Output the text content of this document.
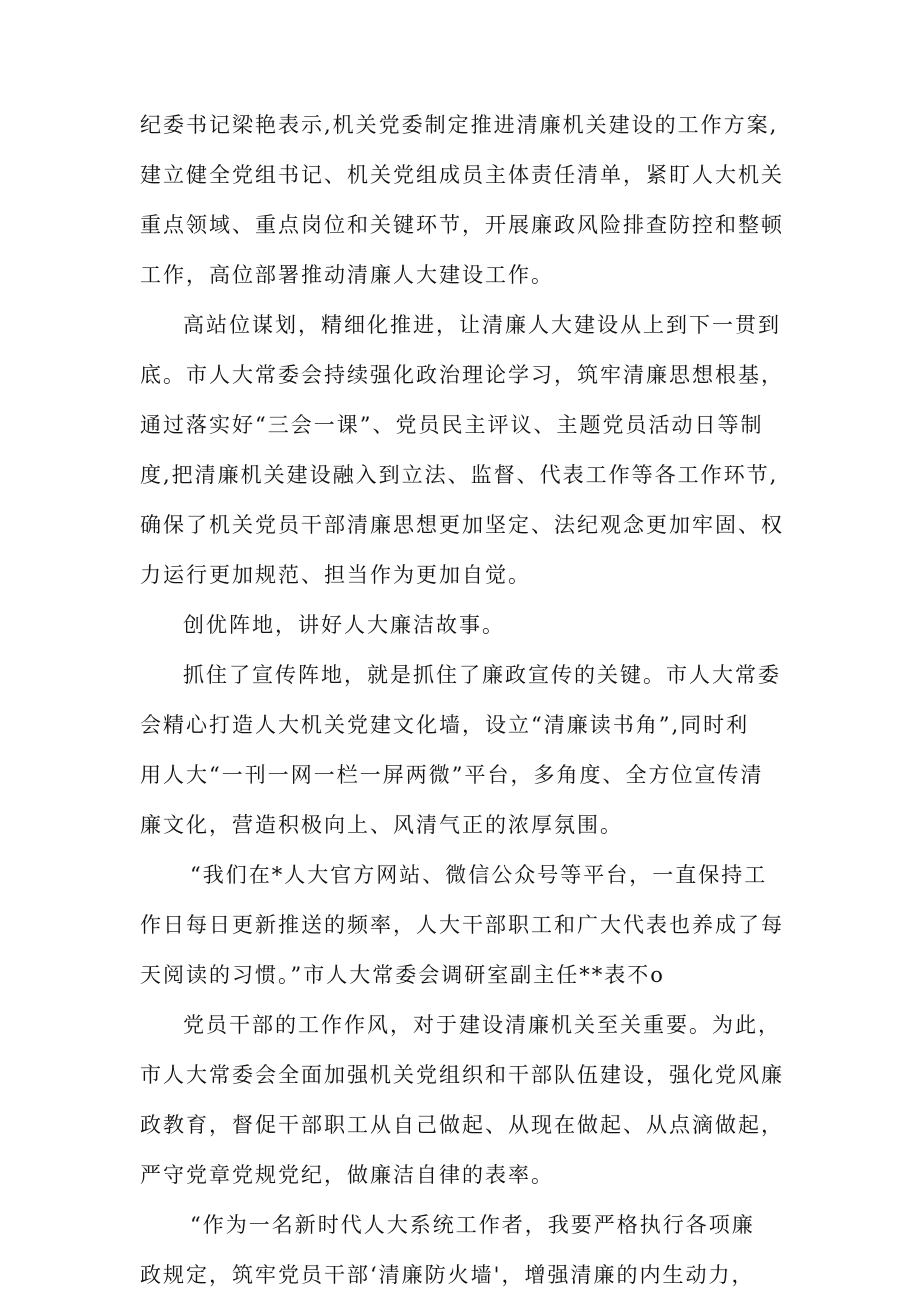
纪委书记梁艳表示,机关党委制定推进清廉机关建设的工作方案,
建立健全党组书记、机关党组成员主体责任清单，紧盯人大机关
重点领域、重点岗位和关键环节，开展廉政风险排查防控和整顿
工作，高位部署推动清廉人大建设工作。
高站位谋划，精细化推进，让清廉人大建设从上到下一贯到
底。市人大常委会持续强化政治理论学习，筑牢清廉思想根基，
通过落实好“三会一课”、党员民主评议、主题党员活动日等制
度,把清廉机关建设融入到立法、监督、代表工作等各工作环节,
确保了机关党员干部清廉思想更加坚定、法纪观念更加牢固、权
力运行更加规范、担当作为更加自觉。
创优阵地，讲好人大廉洁故事。
抓住了宣传阵地，就是抓住了廉政宣传的关键。市人大常委
会精心打造人大机关党建文化墙，设立“清廉读书角”,同时利
用人大“一刊一网一栏一屏两微”平台，多角度、全方位宣传清
廉文化，营造积极向上、风清气正的浓厚氛围。
“我们在*人大官方网站、微信公众号等平台，一直保持工
作日每日更新推送的频率，人大干部职工和广大代表也养成了每
天阅读的习惯。”市人大常委会调研室副主任**表不o
党员干部的工作作风，对于建设清廉机关至关重要。为此，
市人大常委会全面加强机关党组织和干部队伍建设，强化党风廉
政教育，督促干部职工从自己做起、从现在做起、从点滴做起，
严守党章党规党纪，做廉洁自律的表率。
“作为一名新时代人大系统工作者，我要严格执行各项廉
政规定，筑牢党员干部‘清廉防火墙'，增强清廉的内生动力，
